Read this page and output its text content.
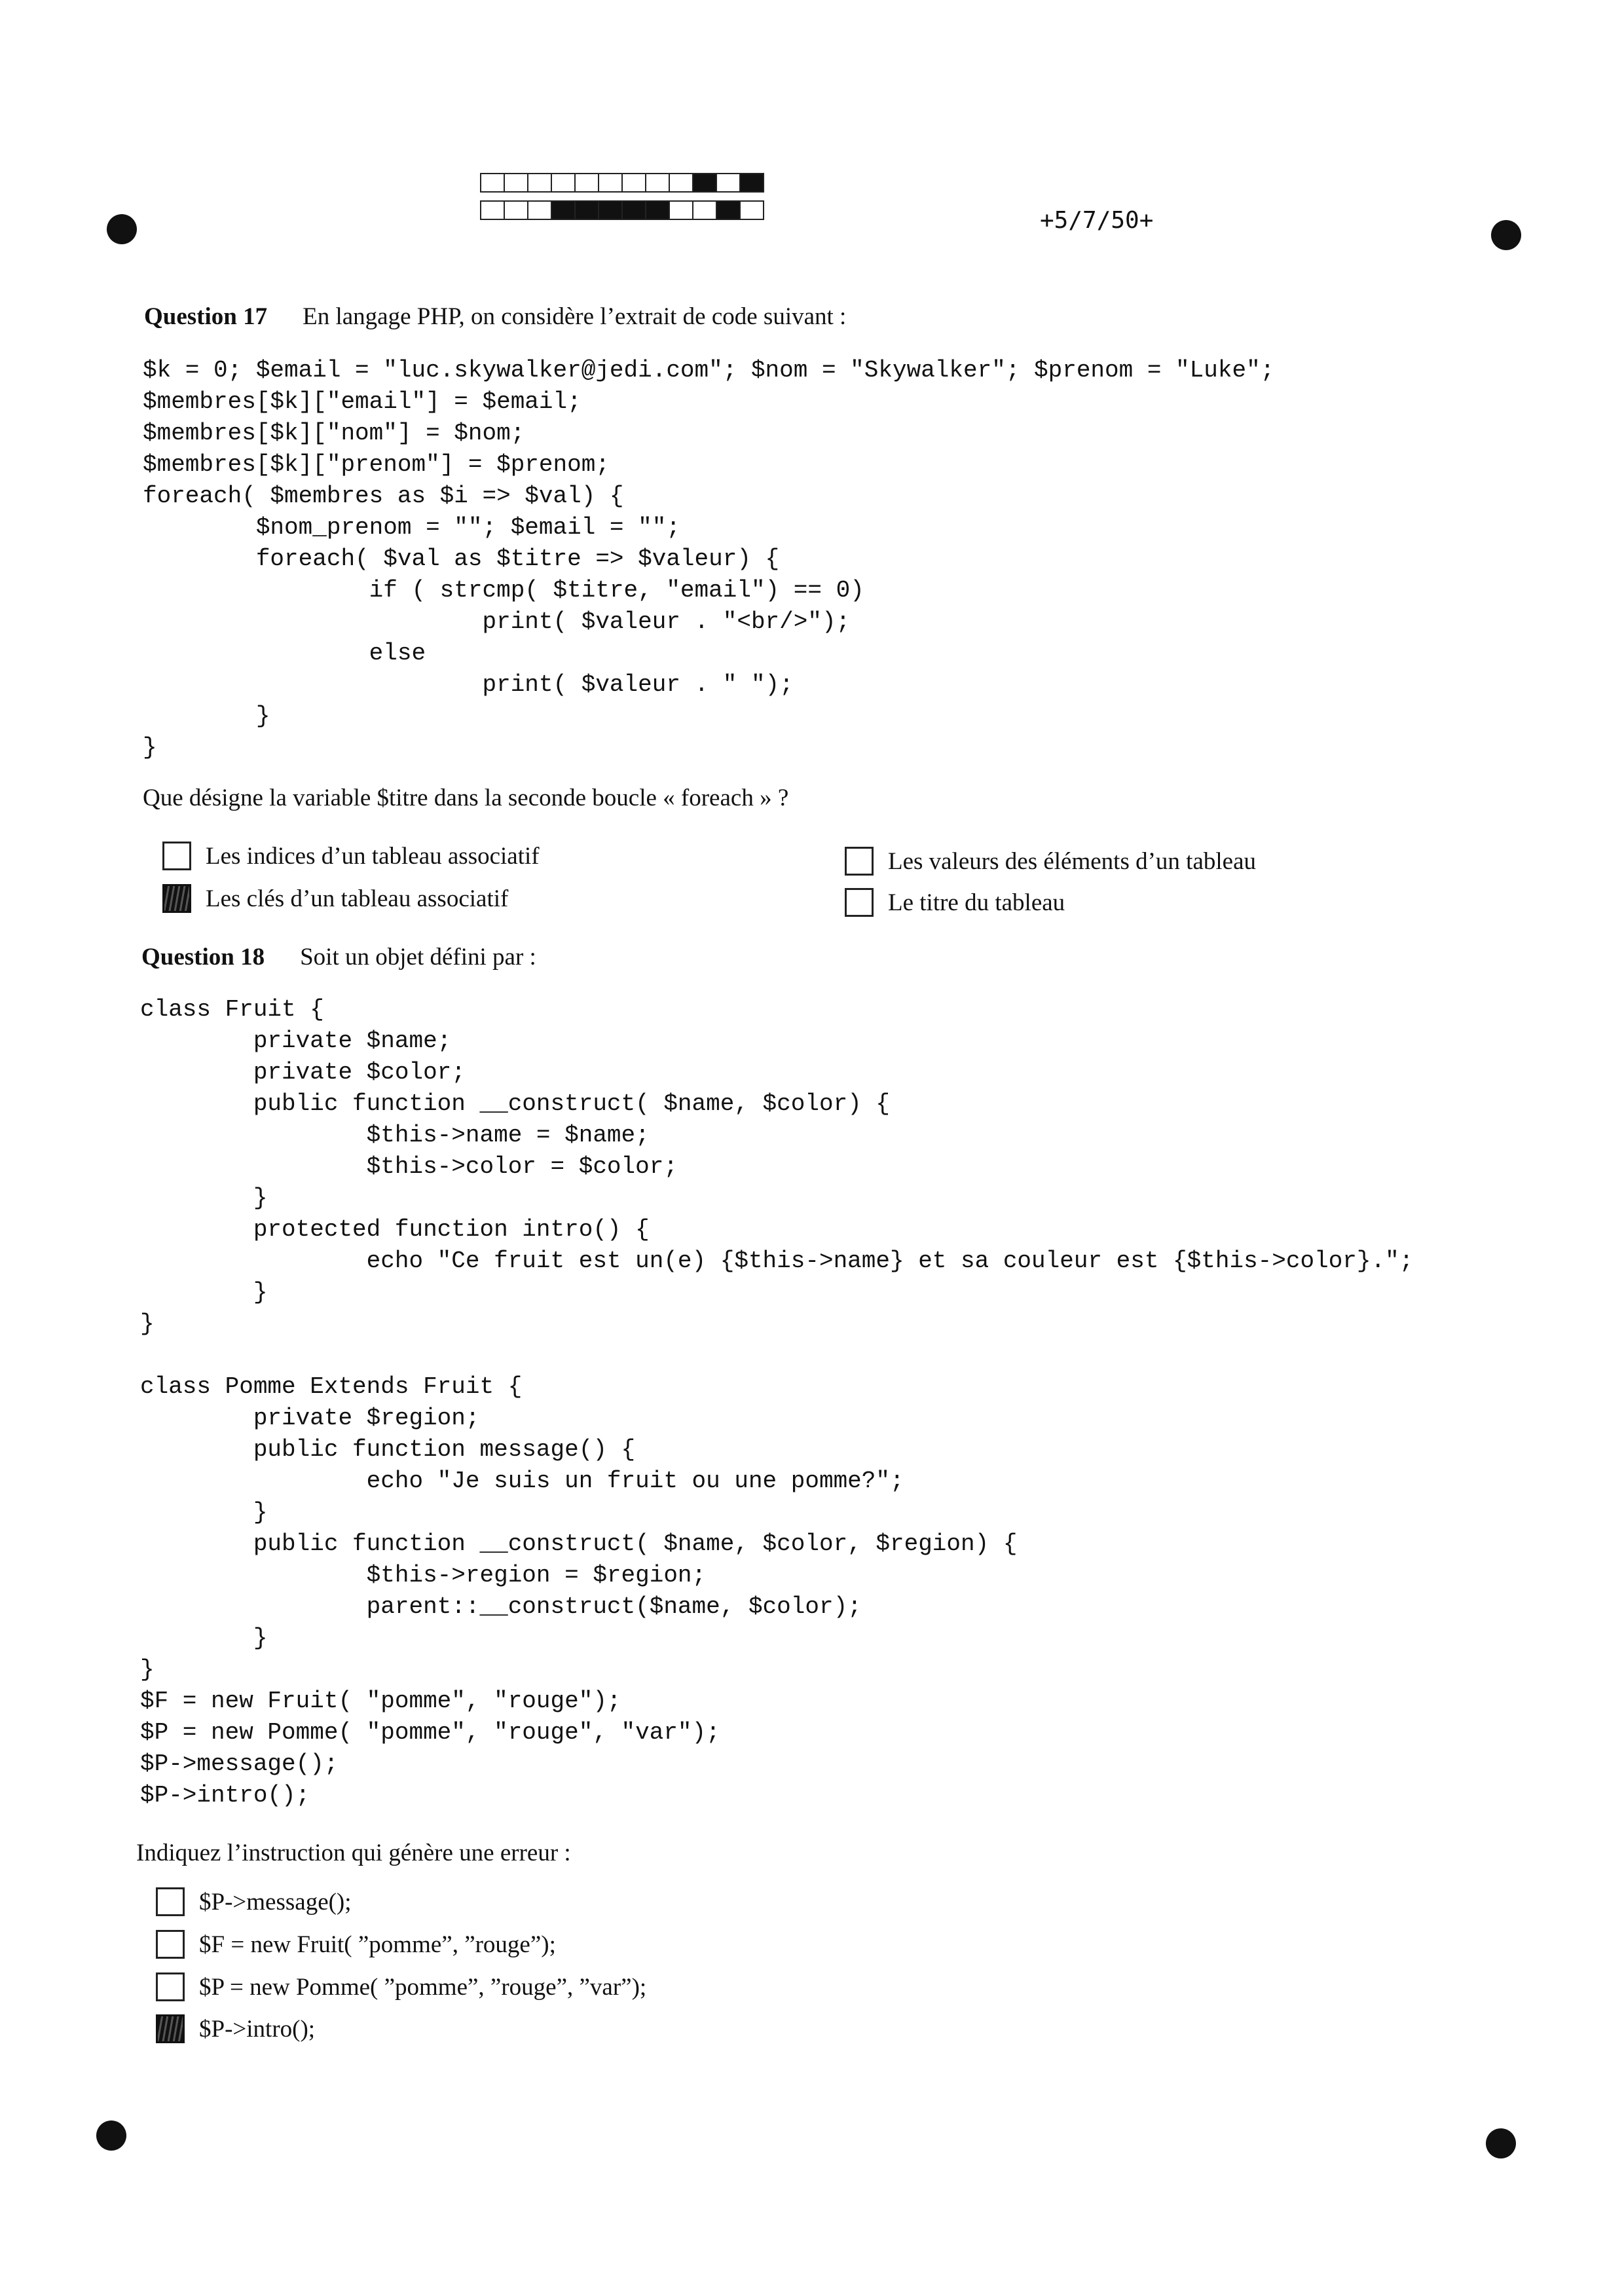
+5/7/50+
Question 17 En langage PHP, on considère l’extrait de code suivant :
$k = 0; $email = "luc.skywalker@jedi.com"; $nom = "Skywalker"; $prenom = "Luke";
$membres[$k]["email"] = $email;
$membres[$k]["nom"] = $nom;
$membres[$k]["prenom"] = $prenom;
foreach( $membres as $i => $val) {
$nom_prenom = ""; $email = "";
foreach( $val as $titre => $valeur) {
if ( strcmp( $titre, "email") == 0)
print( $valeur . "<br/>");
else
print( $valeur . " ");
}
}
Que désigne la variable $titre dans la seconde boucle « foreach » ?
Les indices d’un tableau associatif
Les clés d’un tableau associatif
Les valeurs des éléments d’un tableau
Le titre du tableau
Question 18 Soit un objet défini par :
class Fruit {
private $name;
private $color;
public function __construct( $name, $color) {
$this->name = $name;
$this->color = $color;
}
protected function intro() {
echo "Ce fruit est un(e) {$this->name} et sa couleur est {$this->color}.";
}
}

class Pomme Extends Fruit {
private $region;
public function message() {
echo "Je suis un fruit ou une pomme?";
}
public function __construct( $name, $color, $region) {
$this->region = $region;
parent::__construct($name, $color);
}
}
$F = new Fruit( "pomme", "rouge");
$P = new Pomme( "pomme", "rouge", "var");
$P->message();
$P->intro();
Indiquez l’instruction qui génère une erreur :
$P->message();
$F = new Fruit( ”pomme”, ”rouge”);
$P = new Pomme( ”pomme”, ”rouge”, ”var”);
$P->intro();
